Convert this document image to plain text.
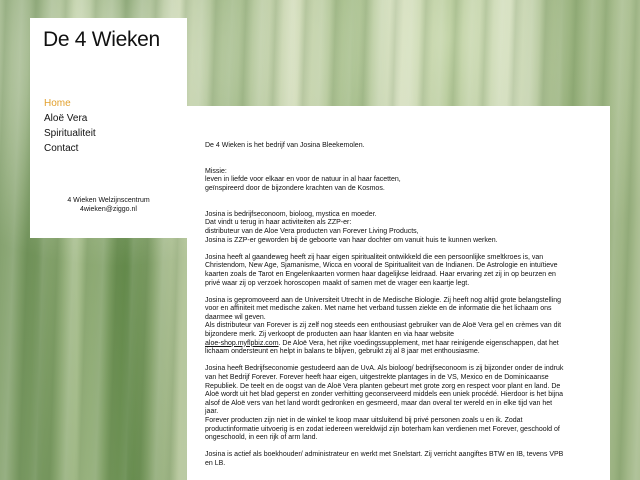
De 4 Wieken
Home
Aloë Vera
Spiritualiteit
Contact
4 Wieken Welzijnscentrum
4wieken@ziggo.nl

De 4 Wieken is het bedrijf van Josina Bleekemolen.

Missie:
leven in liefde voor elkaar en voor de natuur in al haar facetten,
geïnspireerd door de bijzondere krachten van de Kosmos.

Josina is bedrijfseconoom, bioloog, mystica en moeder.
Dat vindt u terug in haar activiteiten als ZZP-er:
distributeur van de Aloe Vera producten van Forever Living Products,
Josina is ZZP-er geworden bij de geboorte van haar dochter om vanuit huis te kunnen werken.

Josina heeft al gaandeweg heeft zij haar eigen spiritualiteit ontwikkeld die een persoonlijke smeltkroes is, van
Christendom, New Age, Sjamanisme, Wicca en vooral de Spiritualiteit van de Indianen. De Astrologie en intuïtieve
kaarten zoals de Tarot en Engelenkaarten vormen haar dagelijkse leidraad. Haar ervaring zet zij in op beurzen en
privé waar zij op verzoek horoscopen maakt of samen met de vrager een kaartje legt.

Josina is gepromoveerd aan de Universiteit Utrecht in de Medische Biologie. Zij heeft nog altijd grote belangstelling
voor en affiniteit met medische zaken. Met name het verband tussen ziekte en de informatie die het lichaam ons
daarmee wil geven.
Als distributeur van Forever is zij zelf nog steeds een enthousiast gebruiker van de Aloë Vera gel en crèmes van dit
bijzondere merk. Zij verkoopt de producten aan haar klanten en via haar website
aloe-shop.myflpbiz.com. De Aloë Vera, het rijke voedingssupplement, met haar reinigende eigenschappen, dat het
lichaam ondersteunt en helpt in balans te blijven, gebruikt zij al 8 jaar met enthousiasme.

Josina heeft Bedrijfseconomie gestudeerd aan de UvA. Als bioloog/ bedrijfseconoom is zij bijzonder onder de indruk
van het Bedrijf Forever. Forever heeft haar eigen, uitgestrekte plantages in de VS, Mexico en de Dominicaanse
Republiek. De teelt en de oogst van de Aloë Vera planten gebeurt met grote zorg en respect voor plant en land. De
Aloë wordt uit het blad geperst en zonder verhitting geconserveerd middels een uniek procédé. Hierdoor is het bijna
alsof de Aloë vers van het land wordt gedronken en gesmeerd, maar dan overal ter wereld en in elke tijd van het
jaar.
Forever producten zijn niet in de winkel te koop maar uitsluitend bij privé personen zoals u en ik. Zodat
productinformatie uitvoerig is en zodat iedereen wereldwijd zijn boterham kan verdienen met Forever, geschoold of
ongeschoold, in een rijk of arm land.

Josina is actief als boekhouder/ administrateur en werkt met Snelstart. Zij verricht aangiftes BTW en IB, tevens VPB
en LB.
